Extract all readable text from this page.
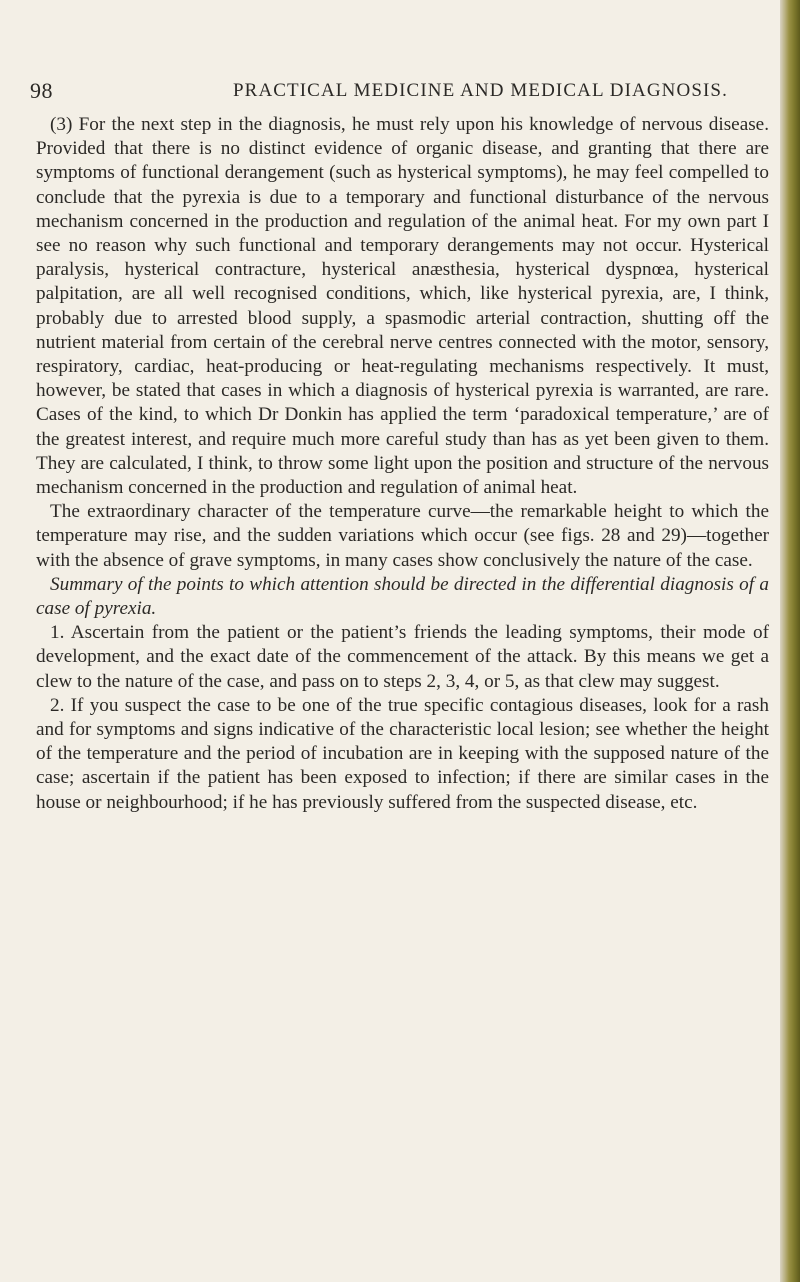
98	PRACTICAL MEDICINE AND MEDICAL DIAGNOSIS.

(3) For the next step in the diagnosis, he must rely upon his knowledge of nervous disease. Provided that there is no distinct evidence of organic disease, and granting that there are symptoms of functional derangement (such as hysterical symptoms), he may feel compelled to conclude that the pyrexia is due to a temporary and functional disturbance of the nervous mechanism concerned in the production and regulation of the animal heat. For my own part I see no reason why such functional and temporary derangements may not occur. Hysterical paralysis, hysterical contracture, hysterical anæsthesia, hysterical dyspnœa, hysterical palpitation, are all well recognised conditions, which, like hysterical pyrexia, are, I think, probably due to arrested blood supply, a spasmodic arterial contraction, shutting off the nutrient material from certain of the cerebral nerve centres connected with the motor, sensory, respiratory, cardiac, heat-producing or heat-regulating mechanisms respectively. It must, however, be stated that cases in which a diagnosis of hysterical pyrexia is warranted, are rare. Cases of the kind, to which Dr Donkin has applied the term ‘paradoxical temperature,’ are of the greatest interest, and require much more careful study than has as yet been given to them. They are calculated, I think, to throw some light upon the position and structure of the nervous mechanism concerned in the production and regulation of animal heat.

The extraordinary character of the temperature curve—the remarkable height to which the temperature may rise, and the sudden variations which occur (see figs. 28 and 29)—together with the absence of grave symptoms, in many cases show conclusively the nature of the case.

Summary of the points to which attention should be directed in the differential diagnosis of a case of pyrexia.

1. Ascertain from the patient or the patient’s friends the leading symptoms, their mode of development, and the exact date of the commencement of the attack. By this means we get a clew to the nature of the case, and pass on to steps 2, 3, 4, or 5, as that clew may suggest.

2. If you suspect the case to be one of the true specific contagious diseases, look for a rash and for symptoms and signs indicative of the characteristic local lesion; see whether the height of the temperature and the period of incubation are in keeping with the supposed nature of the case; ascertain if the patient has been exposed to infection; if there are similar cases in the house or neighbourhood; if he has previously suffered from the suspected disease, etc.
